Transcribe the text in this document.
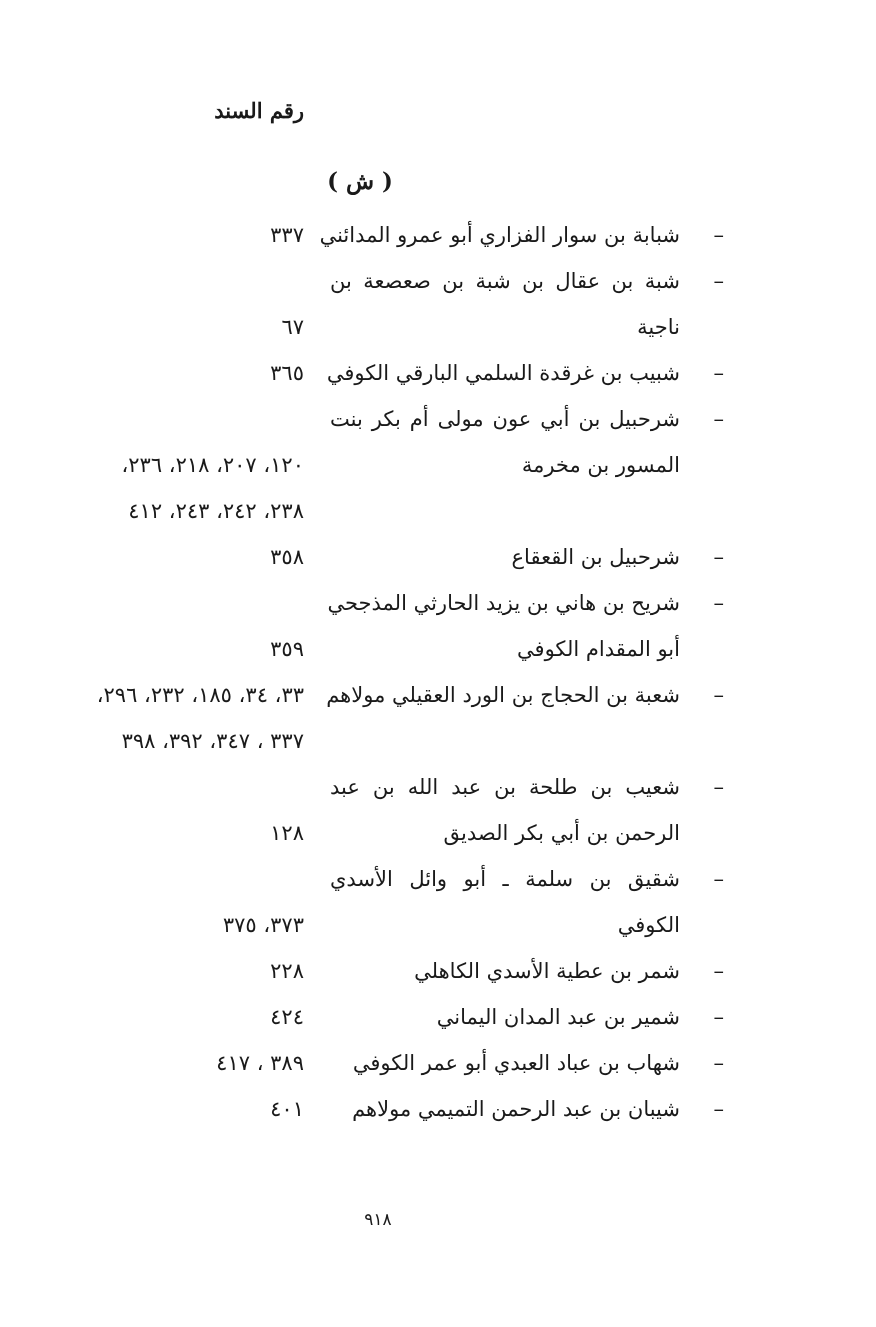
رقم السند
( ش )
–
شبابة بن سوار الفزاري أبو عمرو المدائني
٣٣٧
–
شبة بن عقال بن شبة بن صعصعة بن
ناجية
٦٧
–
شبيب بن غرقدة السلمي البارقي الكوفي
٣٦٥
–
شرحبيل بن أبي عون مولى أم بكر بنت
المسور بن مخرمة
١٢٠، ٢٠٧، ٢١٨، ٢٣٦،
٢٣٨، ٢٤٢، ٢٤٣، ٤١٢
–
شرحبيل بن القعقاع
٣٥٨
–
شريح بن هاني بن يزيد الحارثي المذجحي
أبو المقدام الكوفي
٣٥٩
–
شعبة بن الحجاج بن الورد العقيلي مولاهم
٣٣، ٣٤، ١٨٥، ٢٣٢، ٢٩٦،
٣٣٧ ، ٣٤٧، ٣٩٢، ٣٩٨
–
شعيب بن طلحة بن عبد الله بن عبد
الرحمن بن أبي بكر الصديق
١٢٨
–
شقيق بن سلمة ـ أبو وائل الأسدي
الكوفي
٣٧٣، ٣٧٥
–
شمر بن عطية الأسدي الكاهلي
٢٢٨
–
شمير بن عبد المدان اليماني
٤٢٤
–
شهاب بن عباد العبدي أبو عمر الكوفي
٣٨٩ ، ٤١٧
–
شيبان بن عبد الرحمن التميمي مولاهم
٤٠١
٩١٨
